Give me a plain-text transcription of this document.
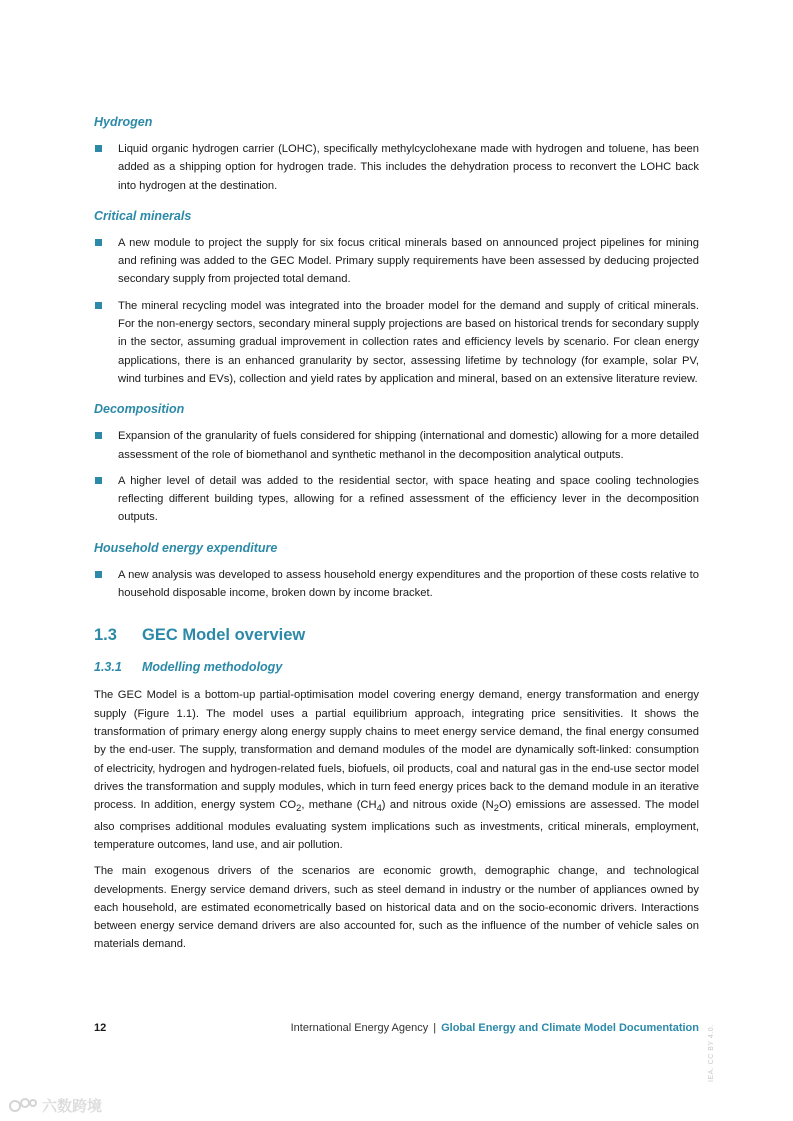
Hydrogen
Liquid organic hydrogen carrier (LOHC), specifically methylcyclohexane made with hydrogen and toluene, has been added as a shipping option for hydrogen trade. This includes the dehydration process to reconvert the LOHC back into hydrogen at the destination.
Critical minerals
A new module to project the supply for six focus critical minerals based on announced project pipelines for mining and refining was added to the GEC Model. Primary supply requirements have been assessed by deducing projected secondary supply from projected total demand.
The mineral recycling model was integrated into the broader model for the demand and supply of critical minerals. For the non-energy sectors, secondary mineral supply projections are based on historical trends for secondary supply in the sector, assuming gradual improvement in collection rates and efficiency levels by scenario. For clean energy applications, there is an enhanced granularity by sector, assessing lifetime by technology (for example, solar PV, wind turbines and EVs), collection and yield rates by application and mineral, based on an extensive literature review.
Decomposition
Expansion of the granularity of fuels considered for shipping (international and domestic) allowing for a more detailed assessment of the role of biomethanol and synthetic methanol in the decomposition analytical outputs.
A higher level of detail was added to the residential sector, with space heating and space cooling technologies reflecting different building types, allowing for a refined assessment of the efficiency lever in the decomposition outputs.
Household energy expenditure
A new analysis was developed to assess household energy expenditures and the proportion of these costs relative to household disposable income, broken down by income bracket.
1.3 GEC Model overview
1.3.1 Modelling methodology

The GEC Model is a bottom-up partial-optimisation model covering energy demand, energy transformation and energy supply (Figure 1.1). The model uses a partial equilibrium approach, integrating price sensitivities. It shows the transformation of primary energy along energy supply chains to meet energy service demand, the final energy consumed by the end-user. The supply, transformation and demand modules of the model are dynamically soft-linked: consumption of electricity, hydrogen and hydrogen-related fuels, biofuels, oil products, coal and natural gas in the end-use sector model drives the transformation and supply modules, which in turn feed energy prices back to the demand module in an iterative process. In addition, energy system $CO_2$, methane $(CH_4)$ and nitrous oxide $(N_2O)$ emissions are assessed. The model also comprises additional modules evaluating system implications such as investments, critical minerals, employment, temperature outcomes, land use, and air pollution.

The main exogenous drivers of the scenarios are economic growth, demographic change, and technological developments. Energy service demand drivers, such as steel demand in industry or the number of appliances owned by each household, are estimated econometrically based on historical data and on the socio-economic drivers. Interactions between energy service demand drivers are also accounted for, such as the influence of the number of vehicle sales on materials demand.

12	International Energy Agency | Global Energy and Climate Model Documentation IEA. CC BY 4.0.
六数跨境
